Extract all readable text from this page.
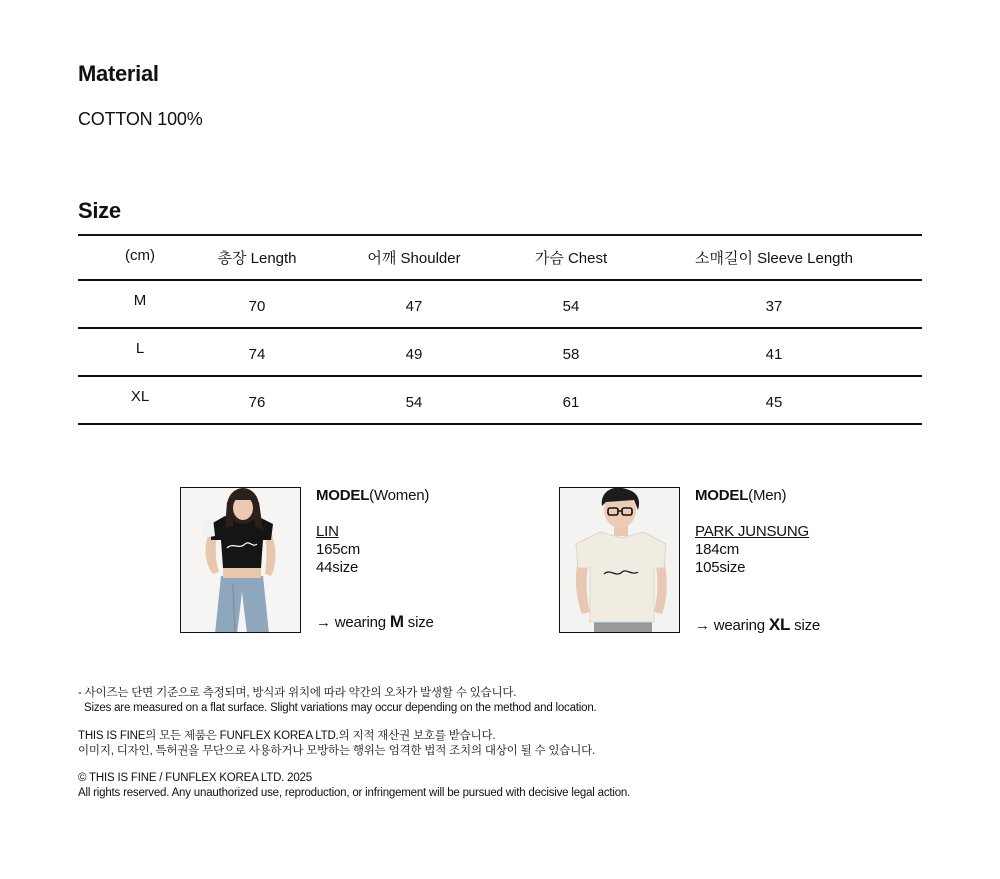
Material
COTTON 100%
Size
(cm)	총장 Length	어깨 Shoulder	가슴 Chest	소매길이 Sleeve Length
M	70	47	54	37
L	74	49	58	41
XL	76	54	61	45
MODEL(Women)
LIN
165cm
44size
→ wearing M size
MODEL(Men)
PARK JUNSUNG
184cm
105size
→ wearing XL size
- 사이즈는 단면 기준으로 측정되며, 방식과 위치에 따라 약간의 오차가 발생할 수 있습니다.
Sizes are measured on a flat surface. Slight variations may occur depending on the method and location.
THIS IS FINE의 모든 제품은 FUNFLEX KOREA LTD.의 지적 재산권 보호를 받습니다.
이미지, 디자인, 특허권을 무단으로 사용하거나 모방하는 행위는 엄격한 법적 조치의 대상이 될 수 있습니다.
© THIS IS FINE / FUNFLEX KOREA LTD. 2025
All rights reserved. Any unauthorized use, reproduction, or infringement will be pursued with decisive legal action.
